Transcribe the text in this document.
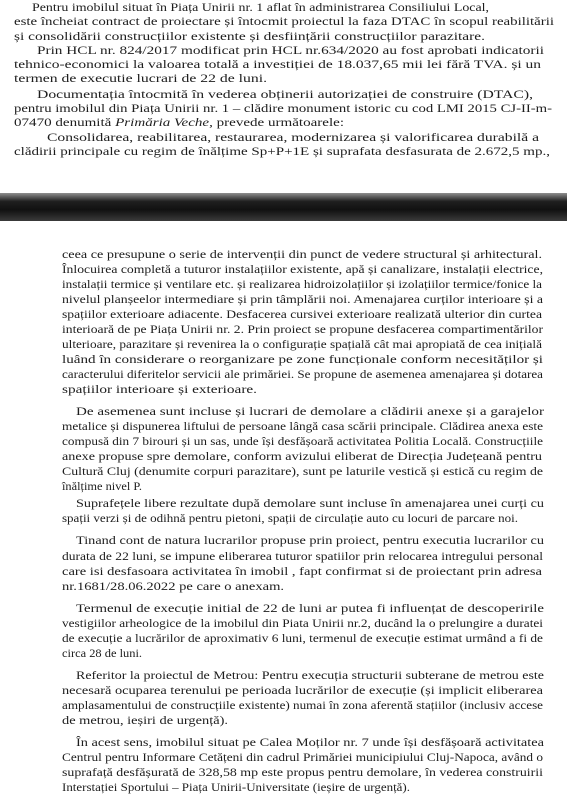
Pentru imobilul situat în Piața Unirii nr. 1 aflat în administrarea Consiliului Local,
este încheiat contract de proiectare și întocmit proiectul la faza DTAC în scopul reabilitării
și consolidării construcțiilor existente și desființării construcțiilor parazitare.
Prin HCL nr. 824/2017 modificat prin HCL nr.634/2020 au fost aprobati indicatorii
tehnico-economici la valoarea totală a investiției de 18.037,65 mii lei fără TVA. și un
termen de executie lucrari de 22 de luni.
Documentația întocmită în vederea obținerii autorizației de construire (DTAC),
pentru imobilul din Piața Unirii nr. 1 – clădire monument istoric cu cod LMI 2015 CJ-II-m-
07470 denumită Primăria Veche, prevede următoarele:
Consolidarea, reabilitarea, restaurarea, modernizarea și valorificarea durabilă a
clădirii principale cu regim de înălțime Sp+P+1E și suprafata desfasurata de 2.672,5 mp.,
ceea ce presupune o serie de intervenții din punct de vedere structural și arhitectural.
Înlocuirea completă a tuturor instalațiilor existente, apă și canalizare, instalații electrice,
instalații termice și ventilare etc. și realizarea hidroizolațiilor și izolațiilor termice/fonice la
nivelul planșeelor intermediare și prin tâmplării noi. Amenajarea curților interioare și a
spațiilor exterioare adiacente. Desfacerea cursivei exterioare realizată ulterior din curtea
interioară de pe Piața Unirii nr. 2. Prin proiect se propune desfacerea compartimentărilor
ulterioare, parazitare și revenirea la o configurație spațială cât mai apropiată de cea inițială
luând în considerare o reorganizare pe zone funcționale conform necesităților și
caracterului diferitelor servicii ale primăriei. Se propune de asemenea amenajarea și dotarea
spațiilor interioare și exterioare.
De asemenea sunt incluse și lucrari de demolare a clădirii anexe și a garajelor
metalice și dispunerea liftului de persoane lângă casa scării principale. Clădirea anexa este
compusă din 7 birouri și un sas, unde își desfășoară activitatea Politia Locală. Construcțiile
anexe propuse spre demolare, conform avizului eliberat de Direcția Județeană pentru
Cultură Cluj (denumite corpuri parazitare), sunt pe laturile vestică și estică cu regim de
înălțime nivel P.
Suprafețele libere rezultate după demolare sunt incluse în amenajarea unei curți cu
spații verzi și de odihnă pentru pietoni, spații de circulație auto cu locuri de parcare noi.
Tinand cont de natura lucrarilor propuse prin proiect, pentru executia lucrarilor cu
durata de 22 luni, se impune eliberarea tuturor spatiilor prin relocarea intregului personal
care isi desfasoara activitatea în imobil , fapt confirmat si de proiectant prin adresa
nr.1681/28.06.2022 pe care o anexam.
Termenul de execuție initial de 22 de luni ar putea fi influențat de descoperirile
vestigiilor arheologice de la imobilul din Piata Unirii nr.2, ducând la o prelungire a duratei
de execuție a lucrărilor de aproximativ 6 luni, termenul de execuție estimat urmând a fi de
circa 28 de luni.
Referitor la proiectul de Metrou: Pentru execuția structurii subterane de metrou este
necesară ocuparea terenului pe perioada lucrărilor de execuție (și implicit eliberarea
amplasamentului de construcțiile existente) numai în zona aferentă stațiilor (inclusiv accese
de metrou, ieșiri de urgență).
În acest sens, imobilul situat pe Calea Moților nr. 7 unde își desfășoară activitatea
Centrul pentru Informare Cetățeni din cadrul Primăriei municipiului Cluj-Napoca, având o
suprafață desfășurată de 328,58 mp este propus pentru demolare, în vederea construirii
Interstației Sportului – Piața Unirii-Universitate (ieșire de urgență).
